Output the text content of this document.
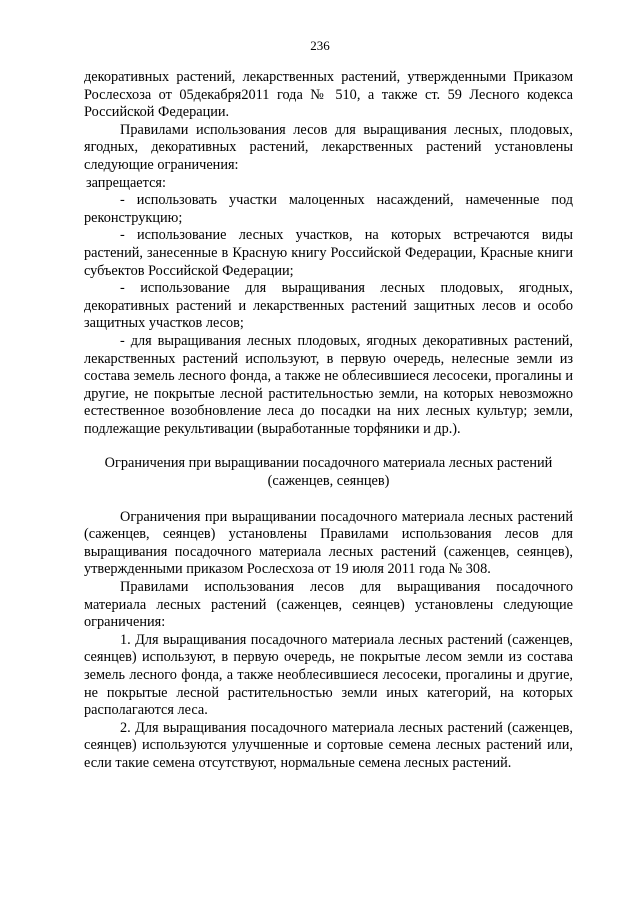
236

декоративных растений, лекарственных растений, утвержденными Приказом Рослесхоза от 05декабря2011 года № 510, а также ст. 59 Лесного кодекса Российской Федерации.

Правилами использования лесов для выращивания лесных, плодовых, ягодных, декоративных растений, лекарственных растений установлены следующие ограничения:

запрещается:

- использовать участки малоценных насаждений, намеченные под реконструкцию;

- использование лесных участков, на которых встречаются виды растений, занесенные в Красную книгу Российской Федерации, Красные книги субъектов Российской Федерации;

- использование для выращивания лесных плодовых, ягодных, декоративных растений и лекарственных растений защитных лесов и особо защитных участков лесов;

- для выращивания лесных плодовых, ягодных декоративных растений, лекарственных растений используют, в первую очередь, нелесные земли из состава земель лесного фонда, а также не облесившиеся лесосеки, прогалины и другие, не покрытые лесной растительностью земли, на которых невозможно естественное возобновление леса до посадки на них лесных культур; земли, подлежащие рекультивации (выработанные торфяники и др.).

Ограничения при выращивании посадочного материала лесных растений
(саженцев, сеянцев)

Ограничения при выращивании посадочного материала лесных растений (саженцев, сеянцев) установлены Правилами использования лесов для выращивания посадочного материала лесных растений (саженцев, сеянцев), утвержденными приказом Рослесхоза от 19 июля 2011 года № 308.

Правилами использования лесов для выращивания посадочного материала лесных растений (саженцев, сеянцев) установлены следующие ограничения:

1. Для выращивания посадочного материала лесных растений (саженцев, сеянцев) используют, в первую очередь, не покрытые лесом земли из состава земель лесного фонда, а также необлесившиеся лесосеки, прогалины и другие, не покрытые лесной растительностью земли иных категорий, на которых располагаются леса.

2. Для выращивания посадочного материала лесных растений (саженцев, сеянцев) используются улучшенные и сортовые семена лесных растений или, если такие семена отсутствуют, нормальные семена лесных растений.
